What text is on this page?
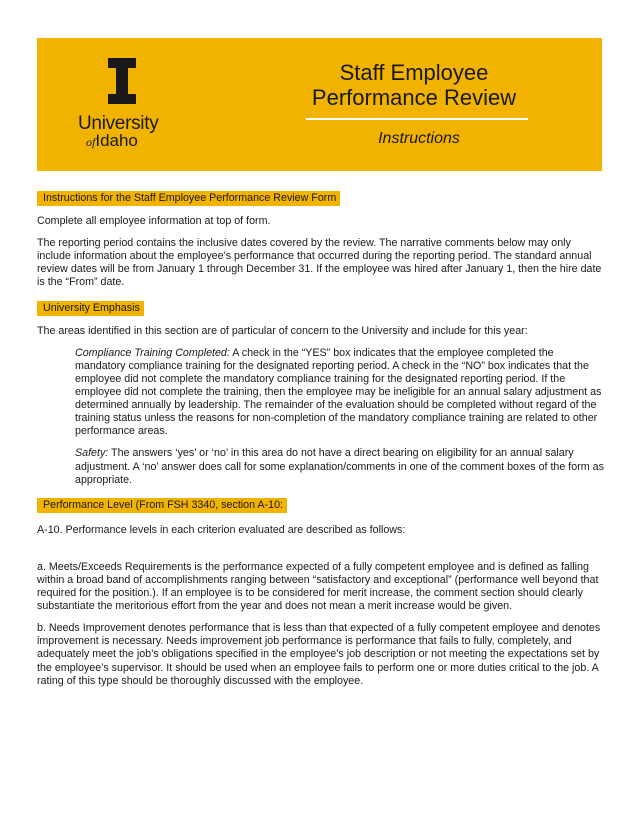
University
ofIdaho
Staff Employee
Performance Review
Instructions
Instructions for the Staff Employee Performance Review Form

Complete all employee information at top of form.

The reporting period contains the inclusive dates covered by the review. The narrative comments below may only include information about the employee’s performance that occurred during the reporting period. The standard annual review dates will be from January 1 through December 31. If the employee was hired after January 1, then the hire date is the “From” date.

University Emphasis

The areas identified in this section are of particular of concern to the University and include for this year:

Compliance Training Completed: A check in the “YES” box indicates that the employee completed the mandatory compliance training for the designated reporting period. A check in the “NO” box indicates that the employee did not complete the mandatory compliance training for the designated reporting period. If the employee did not complete the training, then the employee may be ineligible for an annual salary adjustment as determined annually by leadership. The remainder of the evaluation should be completed without regard of the training status unless the reasons for non-completion of the mandatory compliance training are related to other performance areas.

Safety: The answers ‘yes’ or ‘no’ in this area do not have a direct bearing on eligibility for an annual salary adjustment. A ‘no’ answer does call for some explanation/comments in one of the comment boxes of the form as appropriate.

Performance Level (From FSH 3340, section A-10:

A-10. Performance levels in each criterion evaluated are described as follows:

a. Meets/Exceeds Requirements is the performance expected of a fully competent employee and is defined as falling within a broad band of accomplishments ranging between “satisfactory and exceptional” (performance well beyond that required for the position.). If an employee is to be considered for merit increase, the comment section should clearly substantiate the meritorious effort from the year and does not mean a merit increase would be given.

b. Needs Improvement denotes performance that is less than that expected of a fully competent employee and denotes improvement is necessary. Needs improvement job performance is performance that fails to fully, completely, and adequately meet the job’s obligations specified in the employee’s job description or not meeting the expectations set by the employee’s supervisor. It should be used when an employee fails to perform one or more duties critical to the job. A rating of this type should be thoroughly discussed with the employee.
